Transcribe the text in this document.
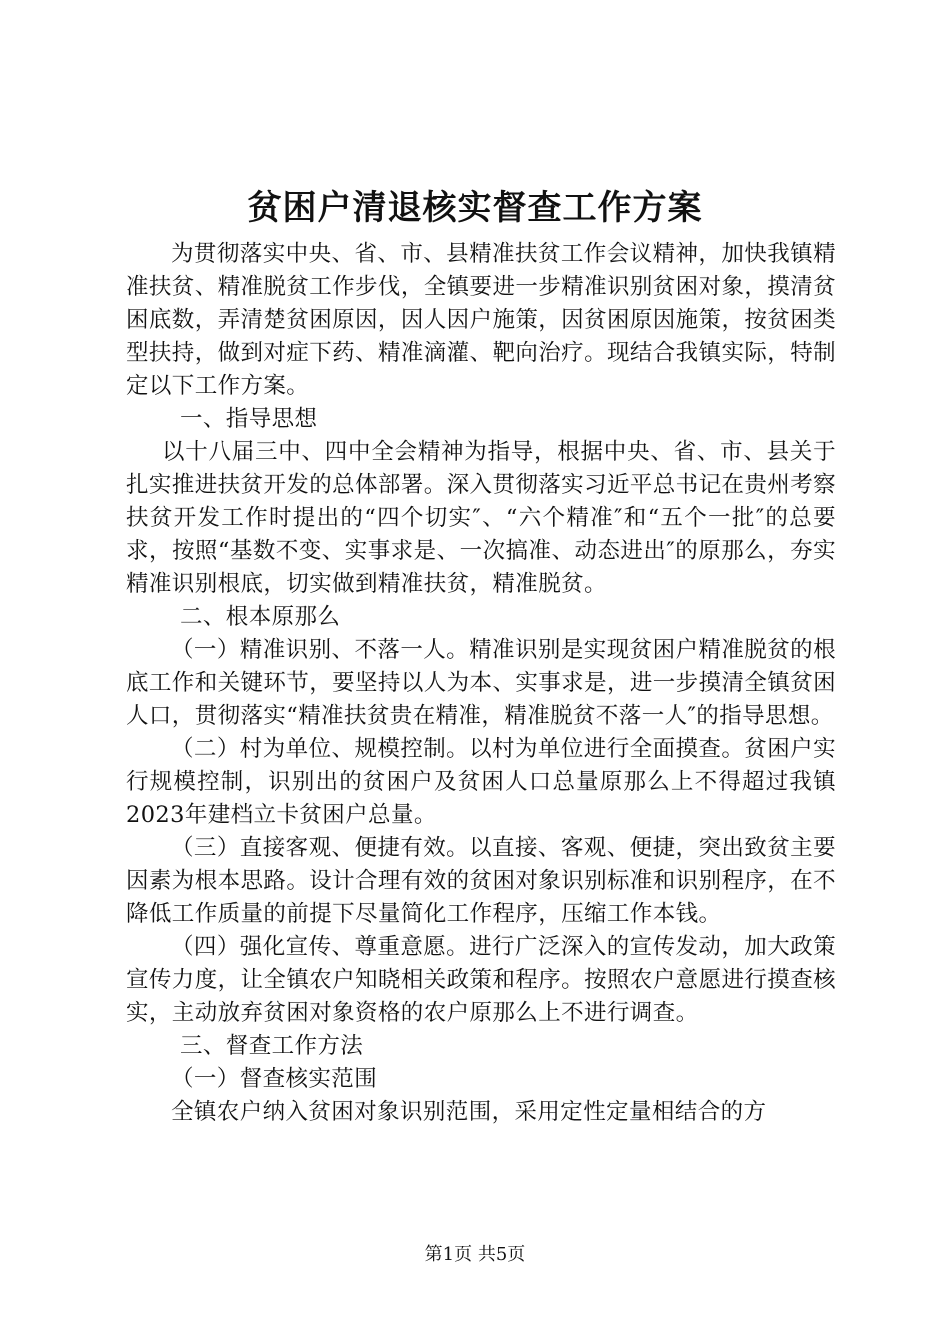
贫困户清退核实督查工作方案

为贯彻落实中央、省、市、县精准扶贫工作会议精神，加快我镇精准扶贫、精准脱贫工作步伐，全镇要进一步精准识别贫困对象，摸清贫困底数，弄清楚贫困原因，因人因户施策，因贫困原因施策，按贫困类型扶持，做到对症下药、精准滴灌、靶向治疗。现结合我镇实际，特制定以下工作方案。

一、指导思想

以十八届三中、四中全会精神为指导，根据中央、省、市、县关于扎实推进扶贫开发的总体部署。深入贯彻落实习近平总书记在贵州考察扶贫开发工作时提出的“四个切实″、“六个精准″和“五个一批″的总要求，按照“基数不变、实事求是、一次搞准、动态进出″的原那么，夯实精准识别根底，切实做到精准扶贫，精准脱贫。

二、根本原那么

（一）精准识别、不落一人。精准识别是实现贫困户精准脱贫的根底工作和关键环节，要坚持以人为本、实事求是，进一步摸清全镇贫困人口，贯彻落实“精准扶贫贵在精准，精准脱贫不落一人″的指导思想。

（二）村为单位、规模控制。以村为单位进行全面摸查。贫困户实行规模控制，识别出的贫困户及贫困人口总量原那么上不得超过我镇2023年建档立卡贫困户总量。

（三）直接客观、便捷有效。以直接、客观、便捷，突出致贫主要因素为根本思路。设计合理有效的贫困对象识别标准和识别程序，在不降低工作质量的前提下尽量简化工作程序，压缩工作本钱。

（四）强化宣传、尊重意愿。进行广泛深入的宣传发动，加大政策宣传力度，让全镇农户知晓相关政策和程序。按照农户意愿进行摸查核实，主动放弃贫困对象资格的农户原那么上不进行调查。

三、督查工作方法

（一）督查核实范围

全镇农户纳入贫困对象识别范围，采用定性定量相结合的方

第1页 共5页
